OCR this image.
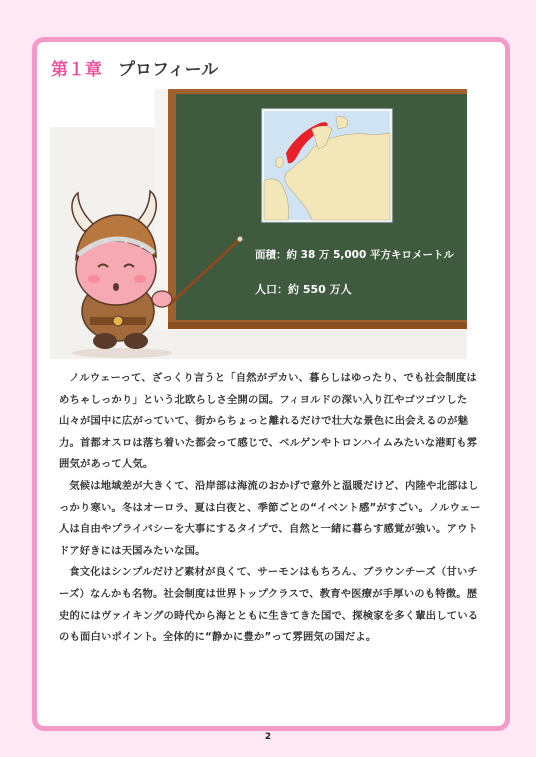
第１章 プロフィール
面積：約 38 万 5,000 平方キロメートル
人口：約 550 万人

ノルウェーって、ざっくり言うと「自然がデカい、暮らしはゆったり、でも社会制度はめちゃしっかり」という北欧らしさ全開の国。フィヨルドの深い入り江やゴツゴツした山々が国中に広がっていて、街からちょっと離れるだけで壮大な景色に出会えるのが魅力。首都オスロは落ち着いた都会って感じで、ベルゲンやトロンハイムみたいな港町も雰囲気があって人気。

気候は地域差が大きくて、沿岸部は海流のおかげで意外と温暖だけど、内陸や北部はしっかり寒い。冬はオーロラ、夏は白夜と、季節ごとの“イベント感”がすごい。ノルウェー人は自由やプライバシーを大事にするタイプで、自然と一緒に暮らす感覚が強い。アウトドア好きには天国みたいな国。

食文化はシンプルだけど素材が良くて、サーモンはもちろん、ブラウンチーズ（甘いチーズ）なんかも名物。社会制度は世界トップクラスで、教育や医療が手厚いのも特徴。歴史的にはヴァイキングの時代から海とともに生きてきた国で、探検家を多く輩出しているのも面白いポイント。全体的に“静かに豊か”って雰囲気の国だよ。

2
